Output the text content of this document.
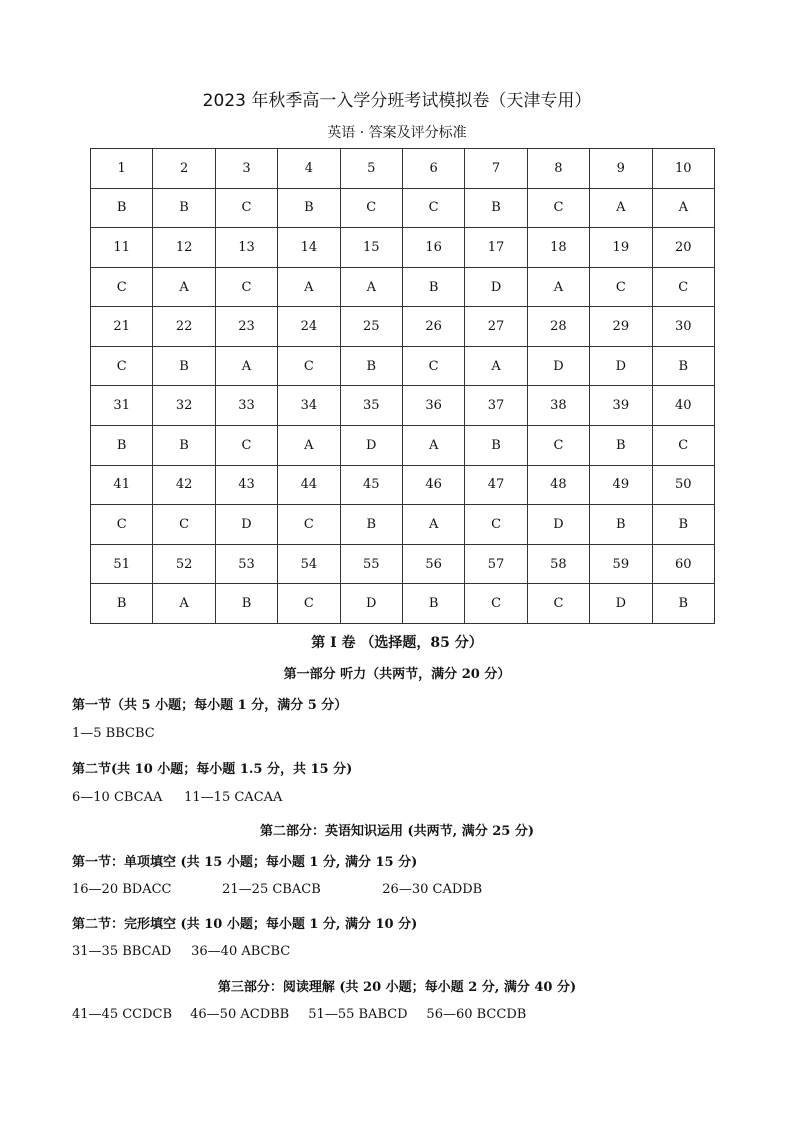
2023 年秋季高一入学分班考试模拟卷（天津专用）
英语 · 答案及评分标准
1	2	3	4	5	6	7	8	9	10
B	B	C	B	C	C	B	C	A	A
11	12	13	14	15	16	17	18	19	20
C	A	C	A	A	B	D	A	C	C
21	22	23	24	25	26	27	28	29	30
C	B	A	C	B	C	A	D	D	B
31	32	33	34	35	36	37	38	39	40
B	B	C	A	D	A	B	C	B	C
41	42	43	44	45	46	47	48	49	50
C	C	D	C	B	A	C	D	B	B
51	52	53	54	55	56	57	58	59	60
B	A	B	C	D	B	C	C	D	B
第 I 卷 （选择题，85 分）
第一部分 听力（共两节，满分 20 分）
第一节（共 5 小题；每小题 1 分，满分 5 分）
1—5 BBCBC
第二节(共 10 小题；每小题 1.5 分，共 15 分)
6—10 CBCAA 11—15 CACAA
第二部分：英语知识运用 (共两节, 满分 25 分)
第一节：单项填空 (共 15 小题；每小题 1 分, 满分 15 分)
16—20 BDACC	21—25 CBACB	26—30 CADDB
第二节：完形填空 (共 10 小题；每小题 1 分, 满分 10 分)
31—35 BBCAD 36—40 ABCBC
第三部分：阅读理解 (共 20 小题；每小题 2 分, 满分 40 分)
41—45 CCDCB 46—50 ACDBB 51—55 BABCD 56—60 BCCDB
